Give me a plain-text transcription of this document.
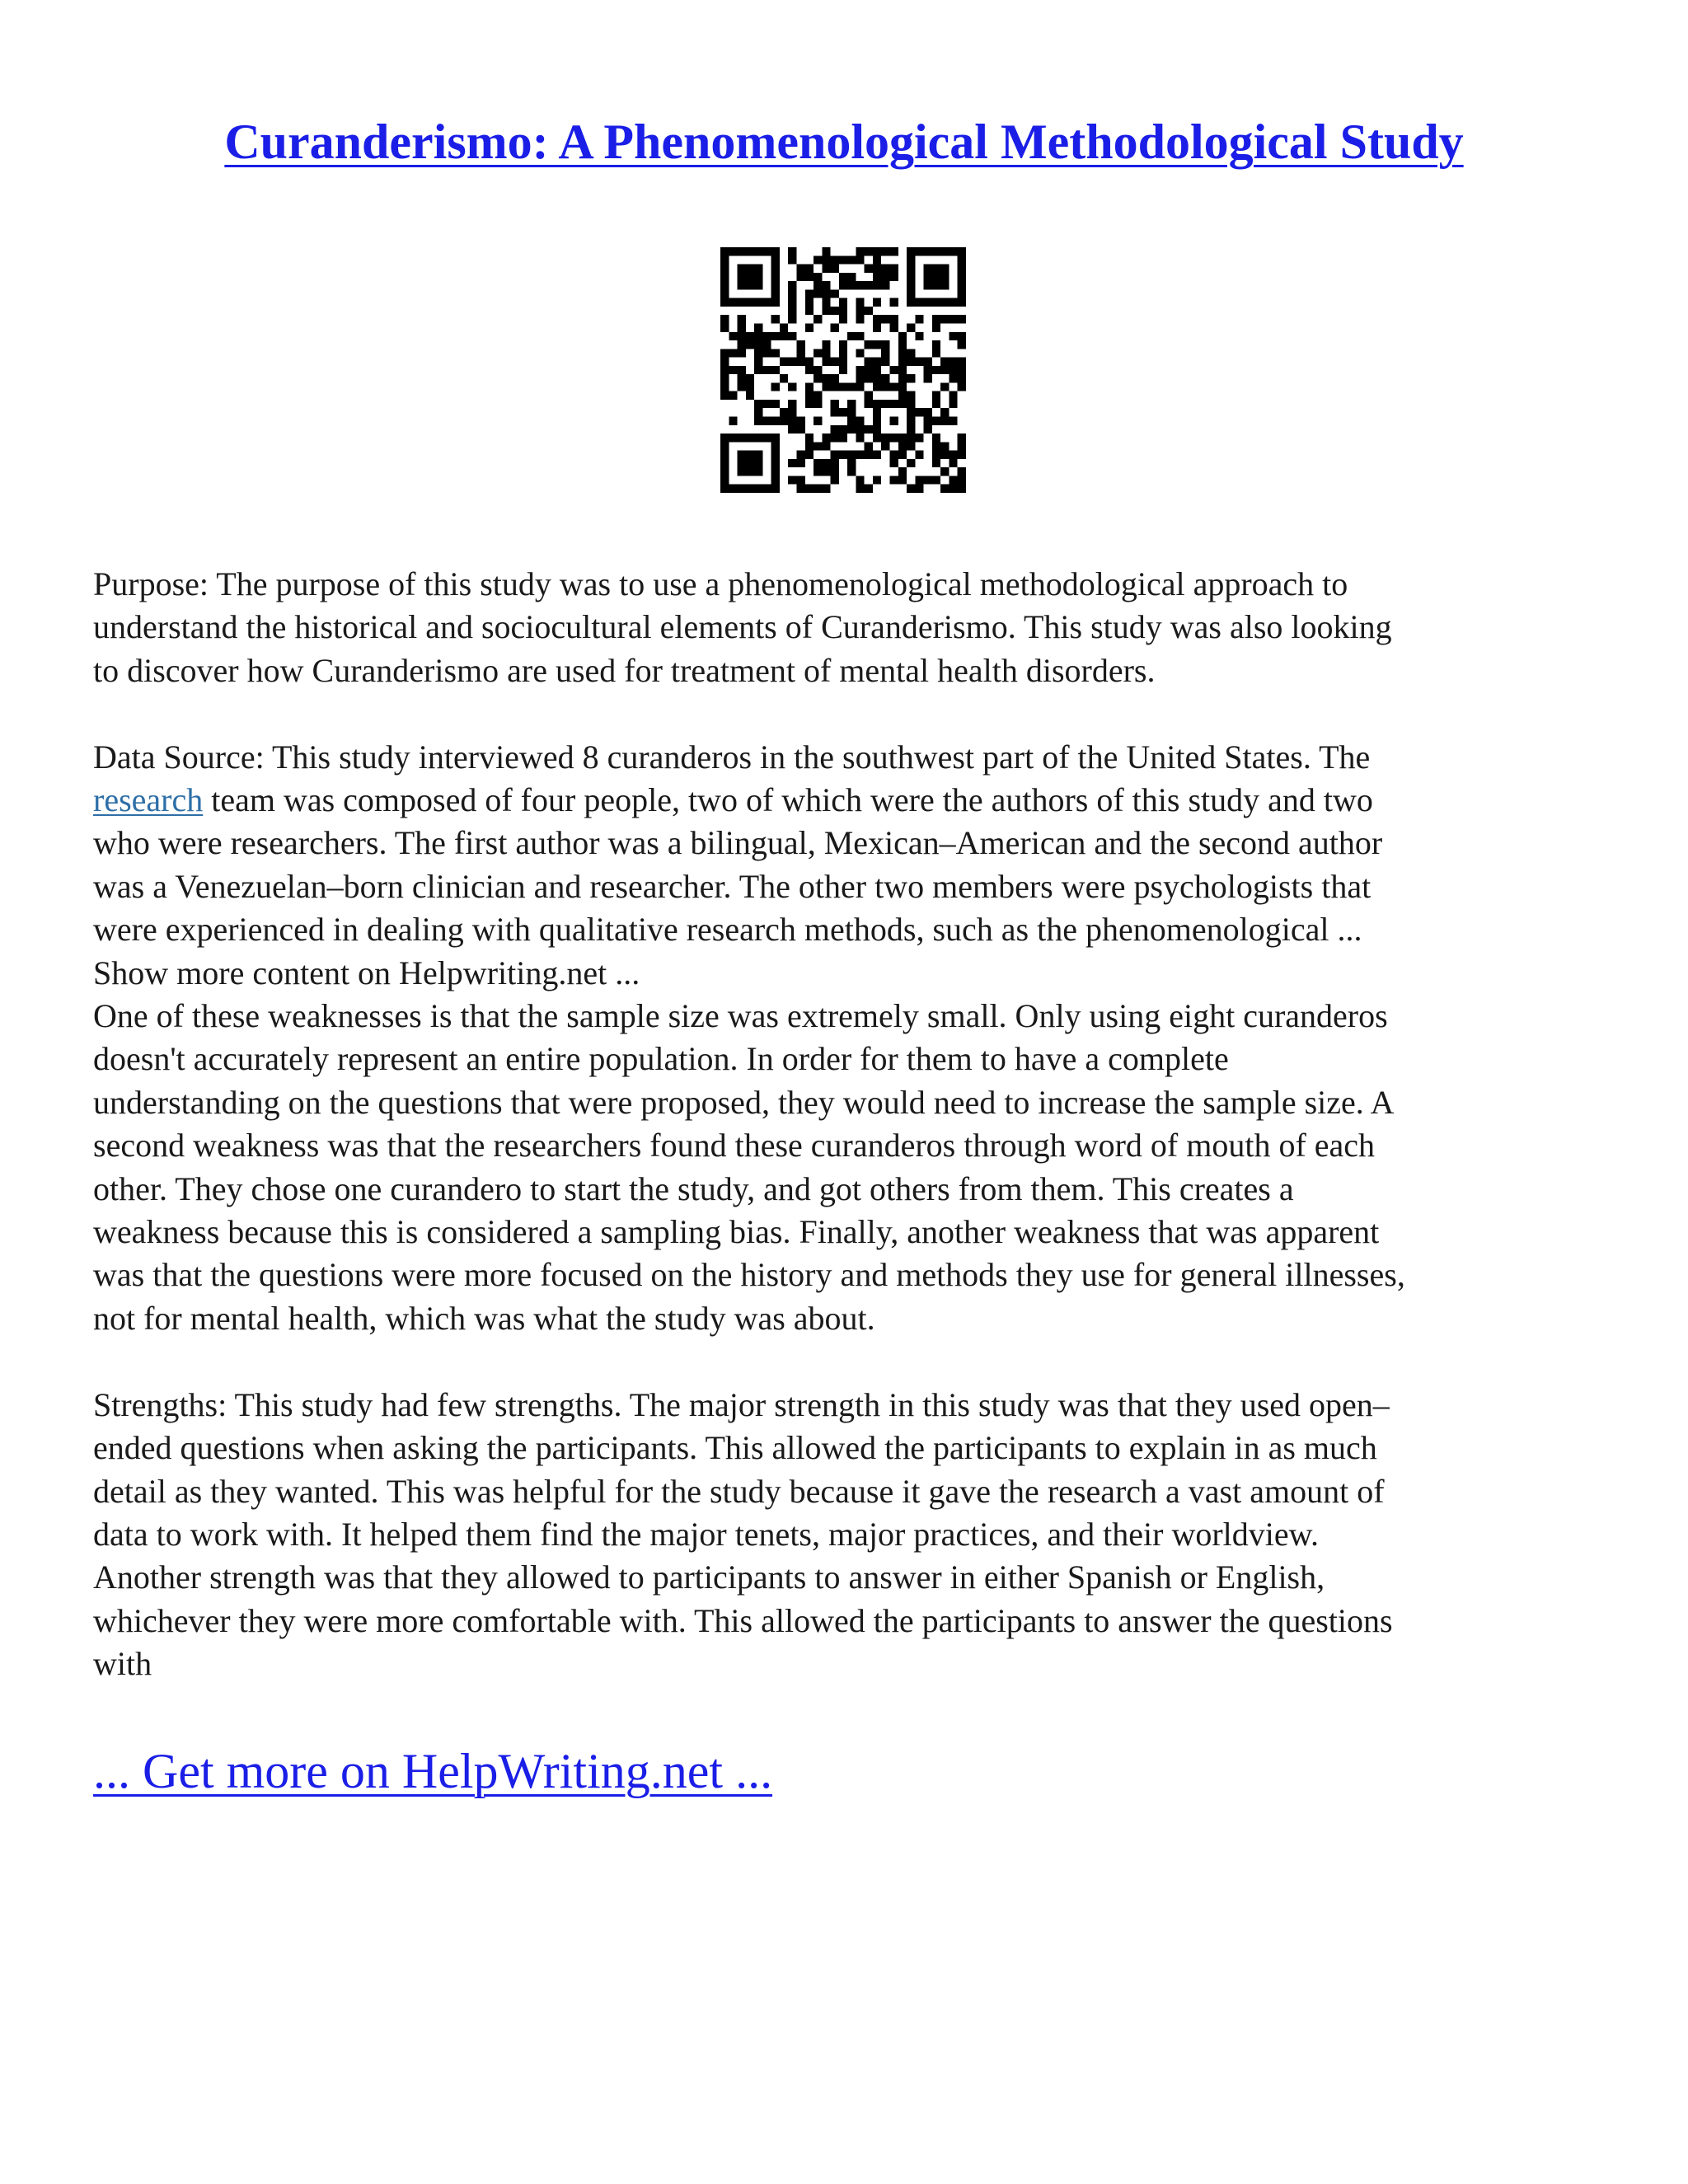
Curanderismo: A Phenomenological Methodological Study

Purpose: The purpose of this study was to use a phenomenological methodological approach to
understand the historical and sociocultural elements of Curanderismo. This study was also looking
to discover how Curanderismo are used for treatment of mental health disorders.

Data Source: This study interviewed 8 curanderos in the southwest part of the United States. The
research team was composed of four people, two of which were the authors of this study and two
who were researchers. The first author was a bilingual, Mexican–American and the second author
was a Venezuelan–born clinician and researcher. The other two members were psychologists that
were experienced in dealing with qualitative research methods, such as the phenomenological ...
Show more content on Helpwriting.net ...
One of these weaknesses is that the sample size was extremely small. Only using eight curanderos
doesn't accurately represent an entire population. In order for them to have a complete
understanding on the questions that were proposed, they would need to increase the sample size. A
second weakness was that the researchers found these curanderos through word of mouth of each
other. They chose one curandero to start the study, and got others from them. This creates a
weakness because this is considered a sampling bias. Finally, another weakness that was apparent
was that the questions were more focused on the history and methods they use for general illnesses,
not for mental health, which was what the study was about.

Strengths: This study had few strengths. The major strength in this study was that they used open–
ended questions when asking the participants. This allowed the participants to explain in as much
detail as they wanted. This was helpful for the study because it gave the research a vast amount of
data to work with. It helped them find the major tenets, major practices, and their worldview.
Another strength was that they allowed to participants to answer in either Spanish or English,
whichever they were more comfortable with. This allowed the participants to answer the questions
with

... Get more on HelpWriting.net ...
